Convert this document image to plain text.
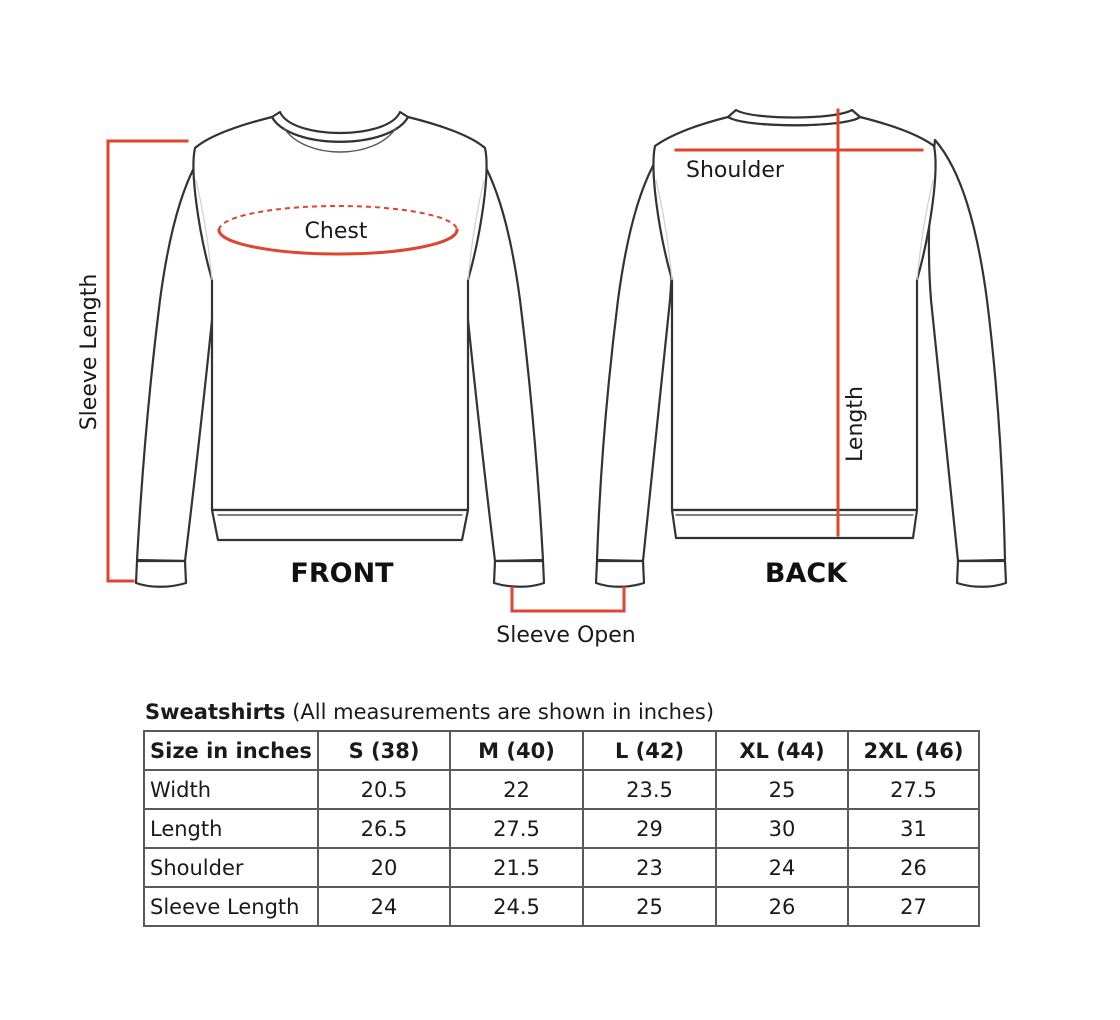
Chest
Shoulder
Length
Sleeve Length
Sleeve Open
FRONT	BACK
Sweatshirts (All measurements are shown in inches)
Size in inches	S (38)	M (40)	L (42)	XL (44)	2XL (46)
Width	20.5	22	23.5	25	27.5
Length	26.5	27.5	29	30	31
Shoulder	20	21.5	23	24	26
Sleeve Length	24	24.5	25	26	27
